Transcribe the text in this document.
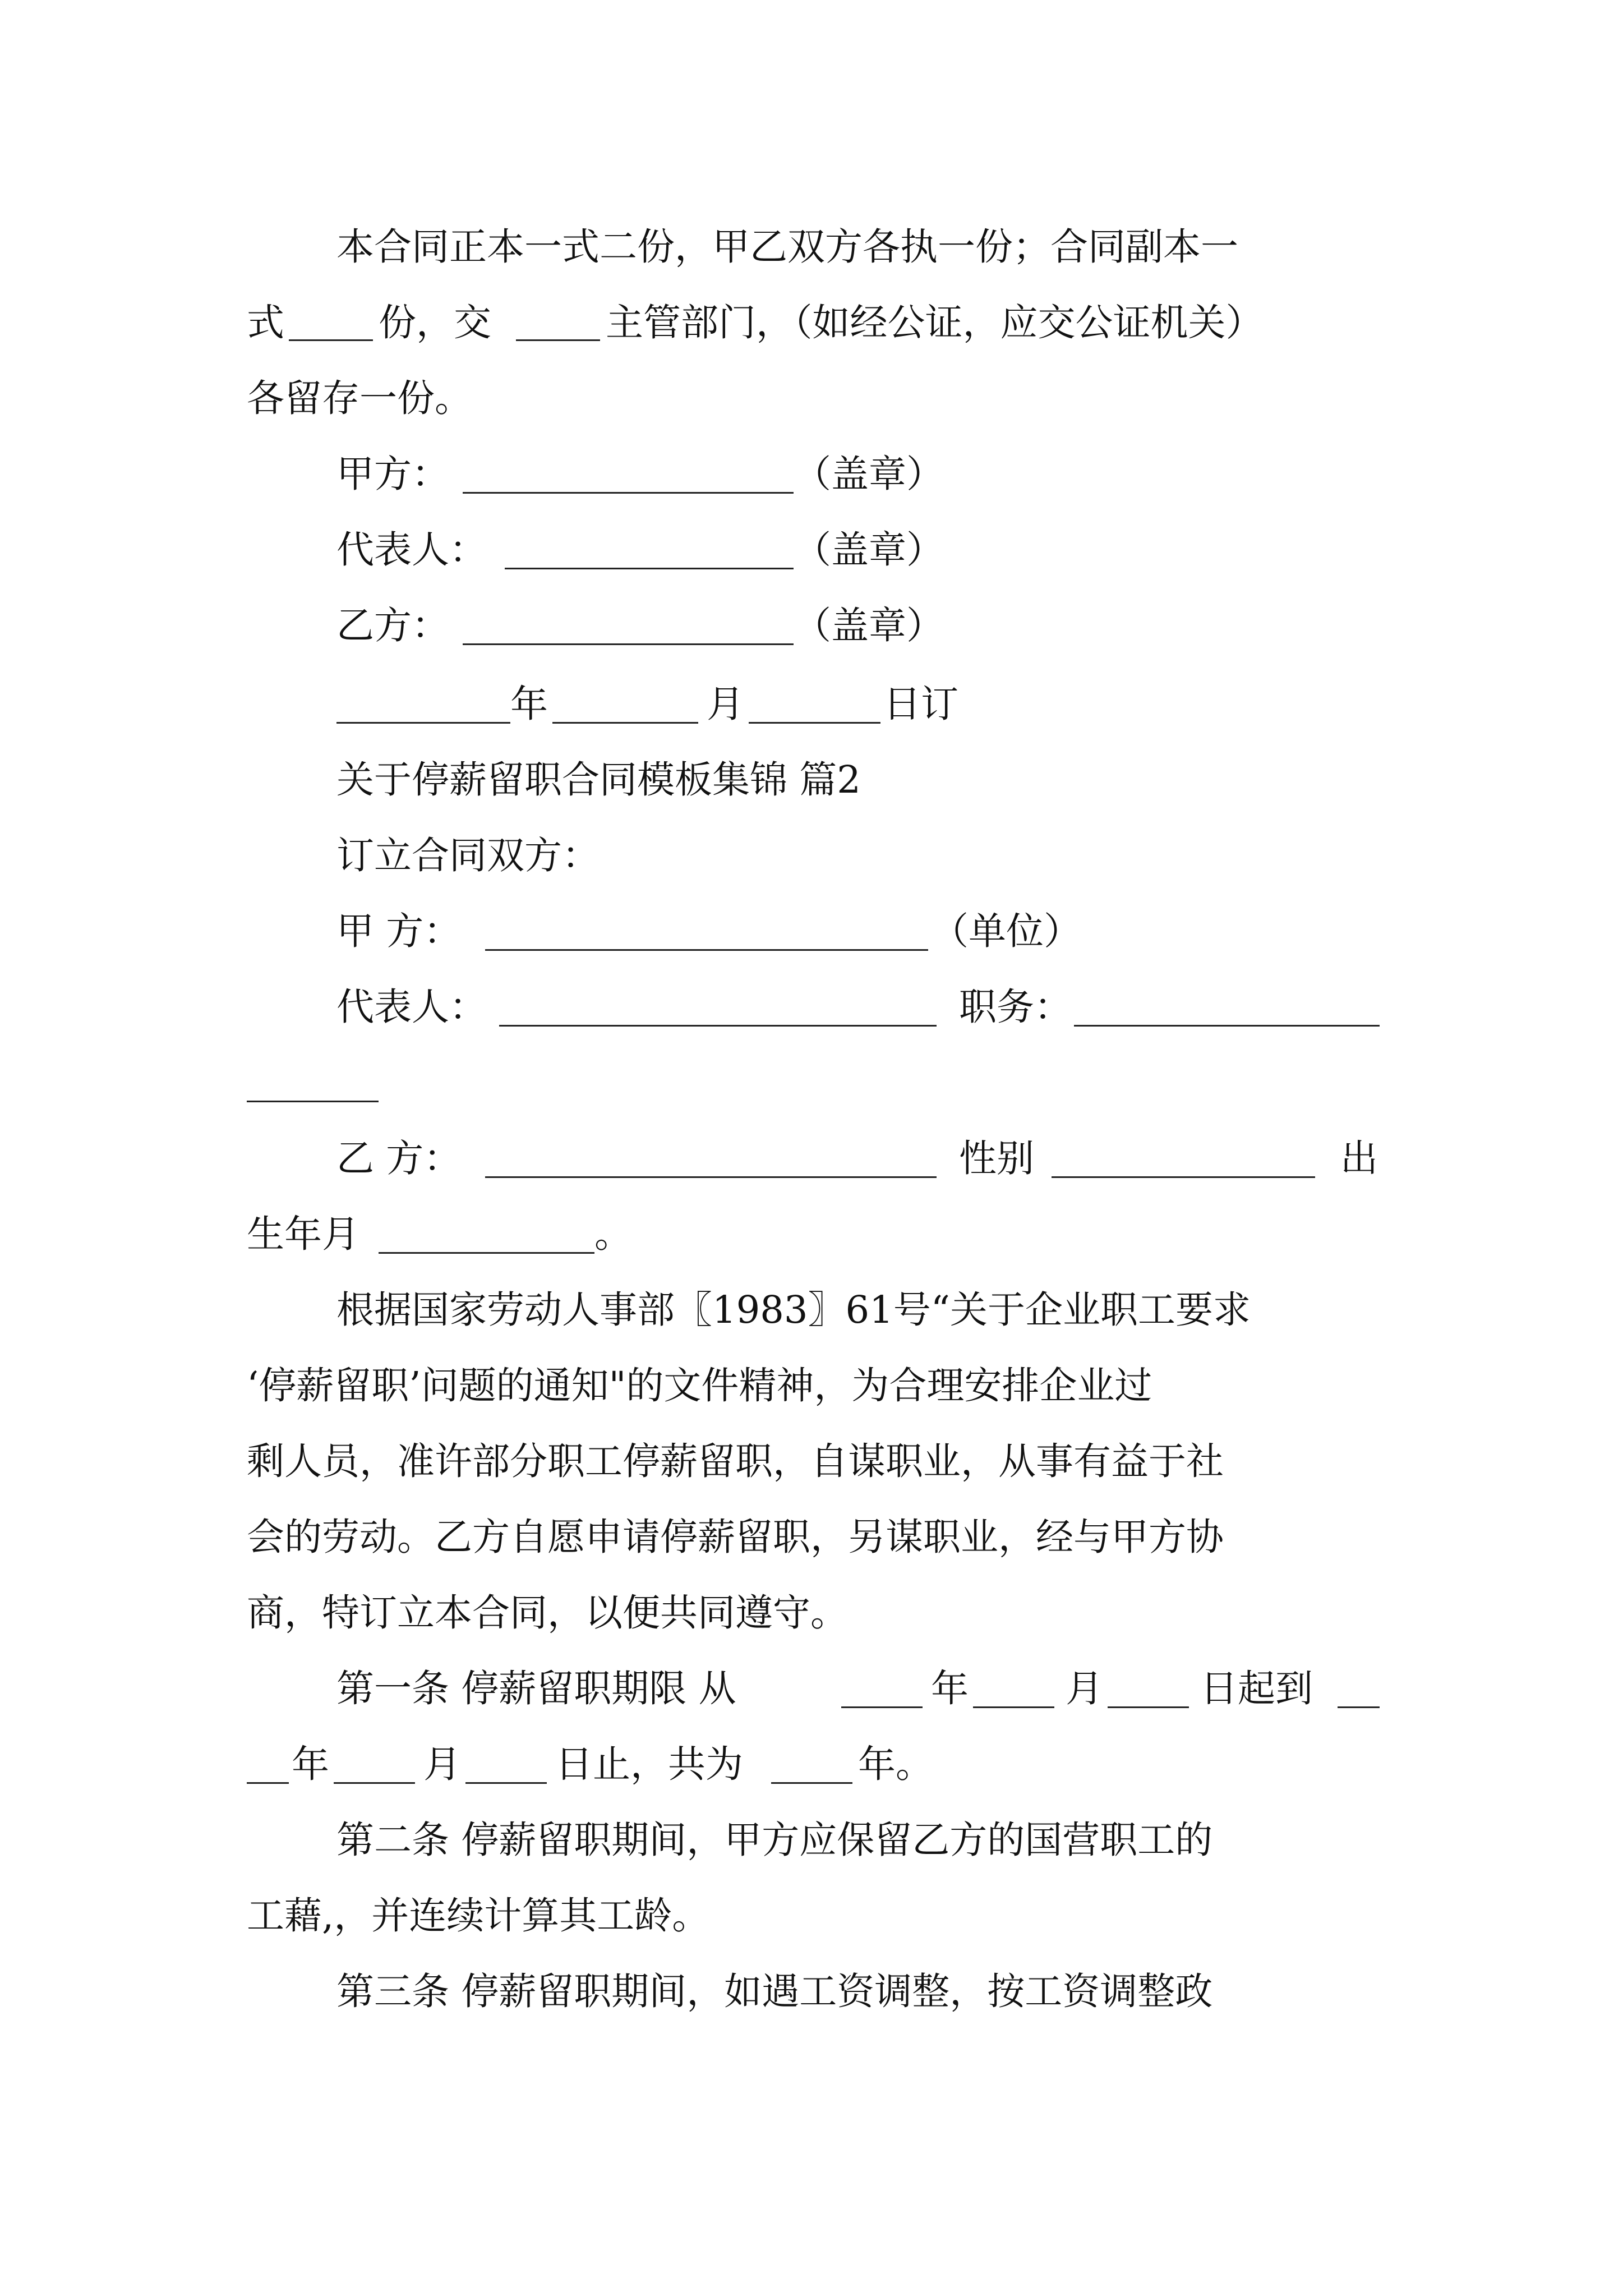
本合同正本一式二份，甲乙双方各执一份；合同副本一
式	份，交	主管部门，（如经公证，应交公证机关）
各留存一份。
甲方：	（盖章）
代表人：	（盖章）
乙方：	（盖章）
年	月	日订
关于停薪留职合同模板集锦 篇2
订立合同双方：
甲 方：	（单位）
代表人：	职务：
乙 方：	性别	出
生年月	。
根据国家劳动人事部〖1983〗61号“关于企业职工要求
‘停薪留职’问题的通知"的文件精神，为合理安排企业过
剩人员，准许部分职工停薪留职，自谋职业，从事有益于社
会的劳动。乙方自愿申请停薪留职，另谋职业，经与甲方协
商，特订立本合同，以便共同遵守。
第一条 停薪留职期限 从	年	月	日起到
年	月	日止，共为	年。
第二条 停薪留职期间，甲方应保留乙方的国营职工的
工藉,，并连续计算其工龄。
第三条 停薪留职期间，如遇工资调整，按工资调整政
